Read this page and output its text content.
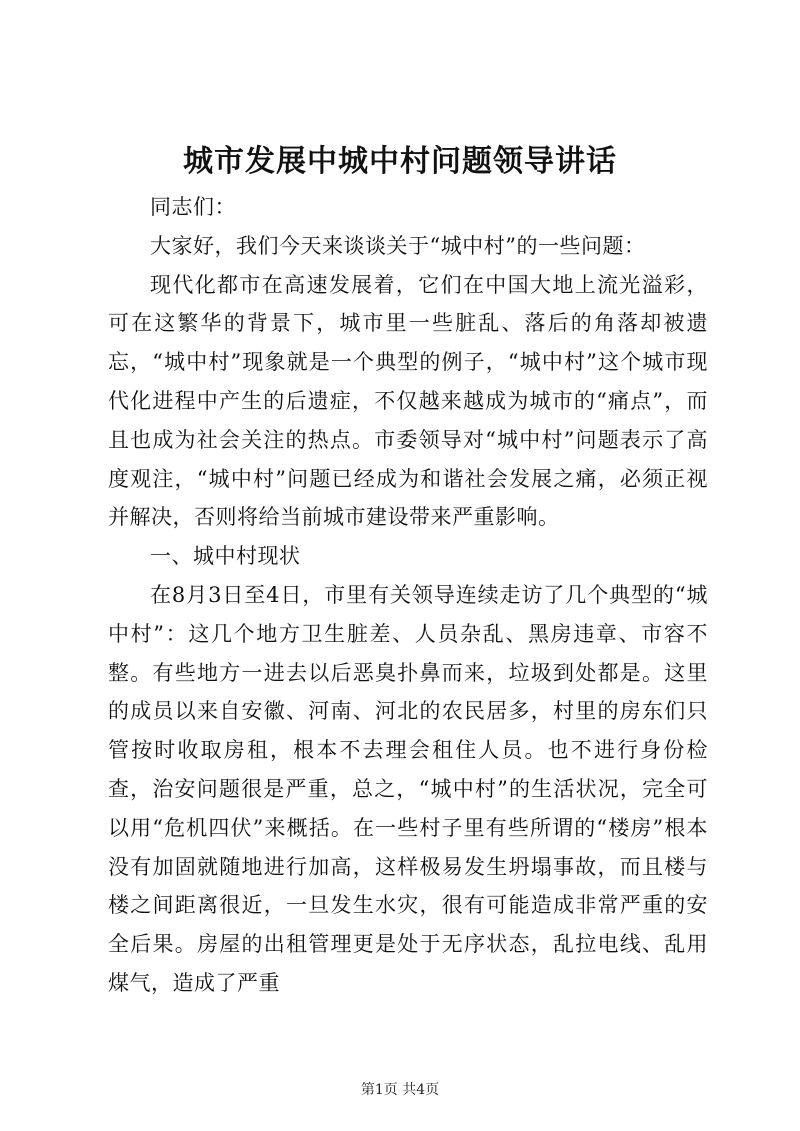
城市发展中城中村问题领导讲话

同志们：

大家好，我们今天来谈谈关于“城中村”的一些问题：

现代化都市在高速发展着，它们在中国大地上流光溢彩，可在这繁华的背景下，城市里一些脏乱、落后的角落却被遗忘，“城中村”现象就是一个典型的例子，“城中村”这个城市现代化进程中产生的后遗症，不仅越来越成为城市的“痛点”，而且也成为社会关注的热点。市委领导对“城中村”问题表示了高度观注，“城中村”问题已经成为和谐社会发展之痛，必须正视并解决，否则将给当前城市建设带来严重影响。

一、城中村现状

在8月3日至4日，市里有关领导连续走访了几个典型的“城中村”：这几个地方卫生脏差、人员杂乱、黑房违章、市容不整。有些地方一进去以后恶臭扑鼻而来，垃圾到处都是。这里的成员以来自安徽、河南、河北的农民居多，村里的房东们只管按时收取房租，根本不去理会租住人员。也不进行身份检查，治安问题很是严重，总之，“城中村”的生活状况，完全可以用“危机四伏”来概括。在一些村子里有些所谓的“楼房”根本没有加固就随地进行加高，这样极易发生坍塌事故，而且楼与楼之间距离很近，一旦发生水灾，很有可能造成非常严重的安全后果。房屋的出租管理更是处于无序状态，乱拉电线、乱用煤气，造成了严重

第1页 共4页
